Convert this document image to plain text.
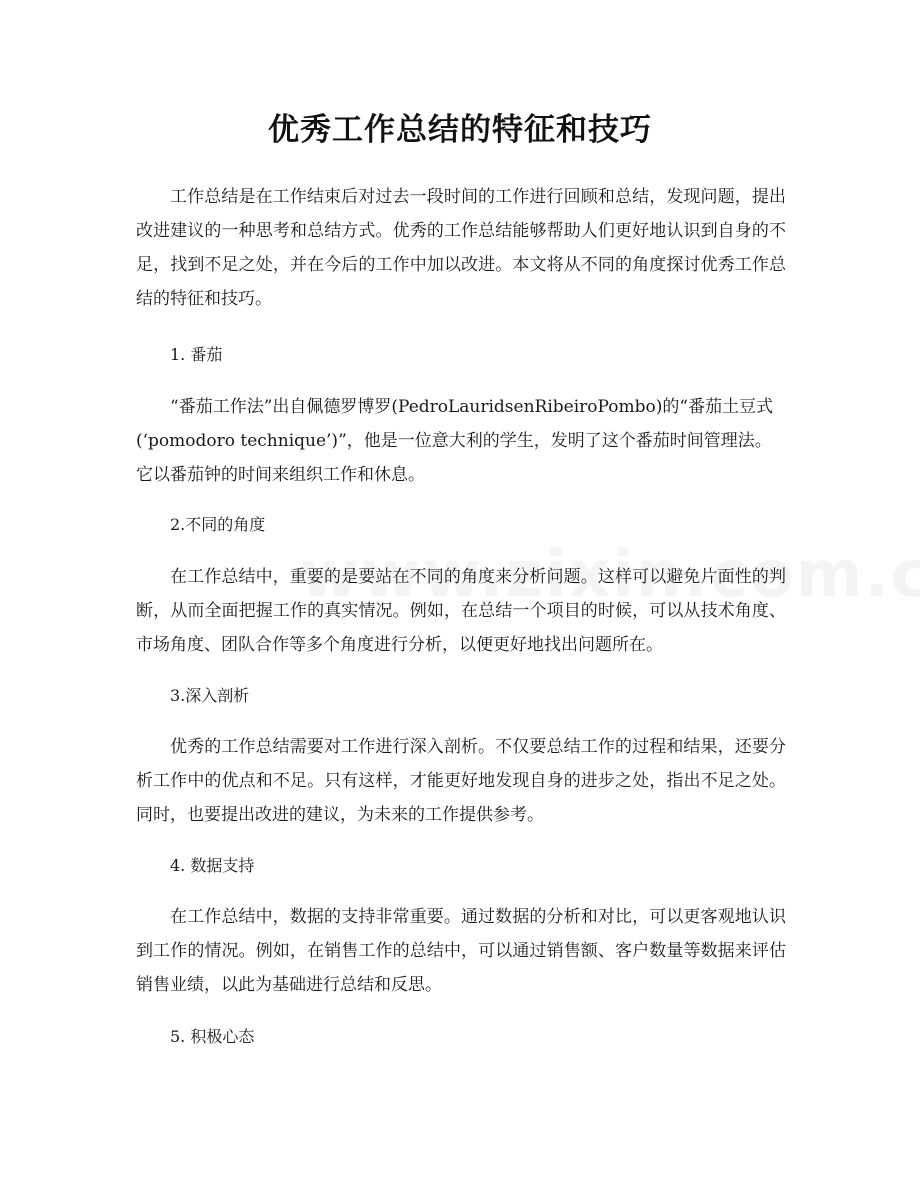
优秀工作总结的特征和技巧
工作总结是在工作结束后对过去一段时间的工作进行回顾和总结，发现问题，提出改进建议的一种思考和总结方式。优秀的工作总结能够帮助人们更好地认识到自身的不足，找到不足之处，并在今后的工作中加以改进。本文将从不同的角度探讨优秀工作总结的特征和技巧。
1. 番茄
“番茄工作法”出自佩德罗博罗(PedroLauridsenRibeiroPombo)的“番茄土豆式
(‘pomodoro technique’)”，他是一位意大利的学生，发明了这个番茄时间管理法。
它以番茄钟的时间来组织工作和休息。
2.不同的角度
在工作总结中，重要的是要站在不同的角度来分析问题。这样可以避免片面性的判断，从而全面把握工作的真实情况。例如，在总结一个项目的时候，可以从技术角度、市场角度、团队合作等多个角度进行分析，以便更好地找出问题所在。
3.深入剖析
优秀的工作总结需要对工作进行深入剖析。不仅要总结工作的过程和结果，还要分析工作中的优点和不足。只有这样，才能更好地发现自身的进步之处，指出不足之处。同时，也要提出改进的建议，为未来的工作提供参考。
4. 数据支持
在工作总结中，数据的支持非常重要。通过数据的分析和对比，可以更客观地认识到工作的情况。例如，在销售工作的总结中，可以通过销售额、客户数量等数据来评估销售业绩，以此为基础进行总结和反思。
5. 积极心态
